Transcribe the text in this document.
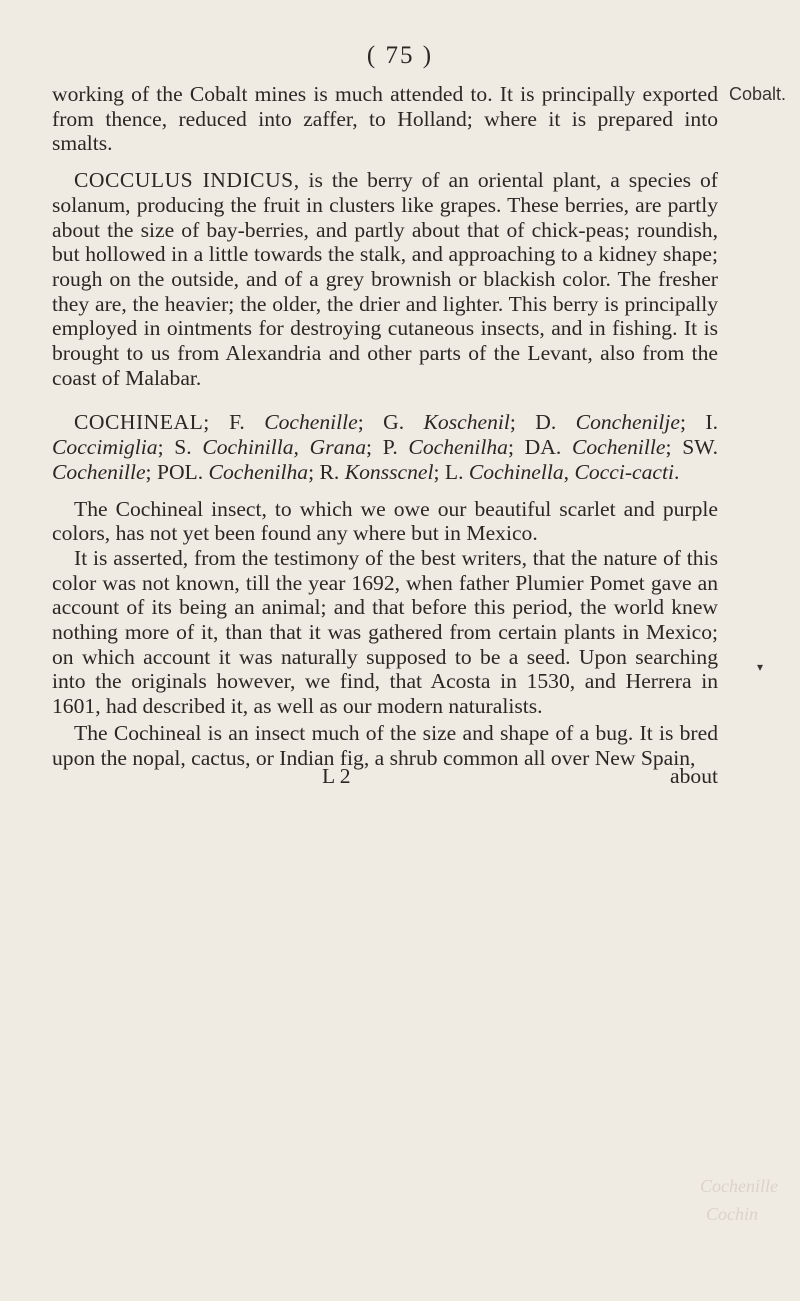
( 75 )
Cobalt.

working of the Cobalt mines is much attended to. It is principally exported from thence, reduced into zaffer, to Holland; where it is prepared into smalts.

COCCULUS INDICUS, is the berry of an oriental plant, a species of solanum, producing the fruit in clusters like grapes. These berries, are partly about the size of bay-berries, and partly about that of chick-peas; roundish, but hollowed in a little towards the stalk, and approaching to a kidney shape; rough on the outside, and of a grey brownish or blackish color. The fresher they are, the heavier; the older, the drier and lighter. This berry is principally employed in ointments for destroying cutaneous insects, and in fishing. It is brought to us from Alexandria and other parts of the Levant, also from the coast of Malabar.

COCHINEAL; F. Cochenille; G. Koschenil; D. Conchenilje; I. Coccimiglia; S. Cochinilla, Grana; P. Cochenilha; DA. Cochenille; SW. Cochenille; POL. Cochenilha; R. Konsscnel; L. Cochinella, Cocci-cacti.

The Cochineal insect, to which we owe our beautiful scarlet and purple colors, has not yet been found any where but in Mexico.

It is asserted, from the testimony of the best writers, that the nature of this color was not known, till the year 1692, when father Plumier Pomet gave an account of its being an animal; and that before this period, the world knew nothing more of it, than that it was gathered from certain plants in Mexico; on which account it was naturally supposed to be a seed. Upon searching into the originals however, we find, that Acosta in 1530, and Herrera in 1601, had described it, as well as our modern naturalists.

The Cochineal is an insect much of the size and shape of a bug. It is bred upon the nopal, cactus, or Indian fig, a shrub common all over New Spain,

L 2	about
▾
Cochenille
Cochin
